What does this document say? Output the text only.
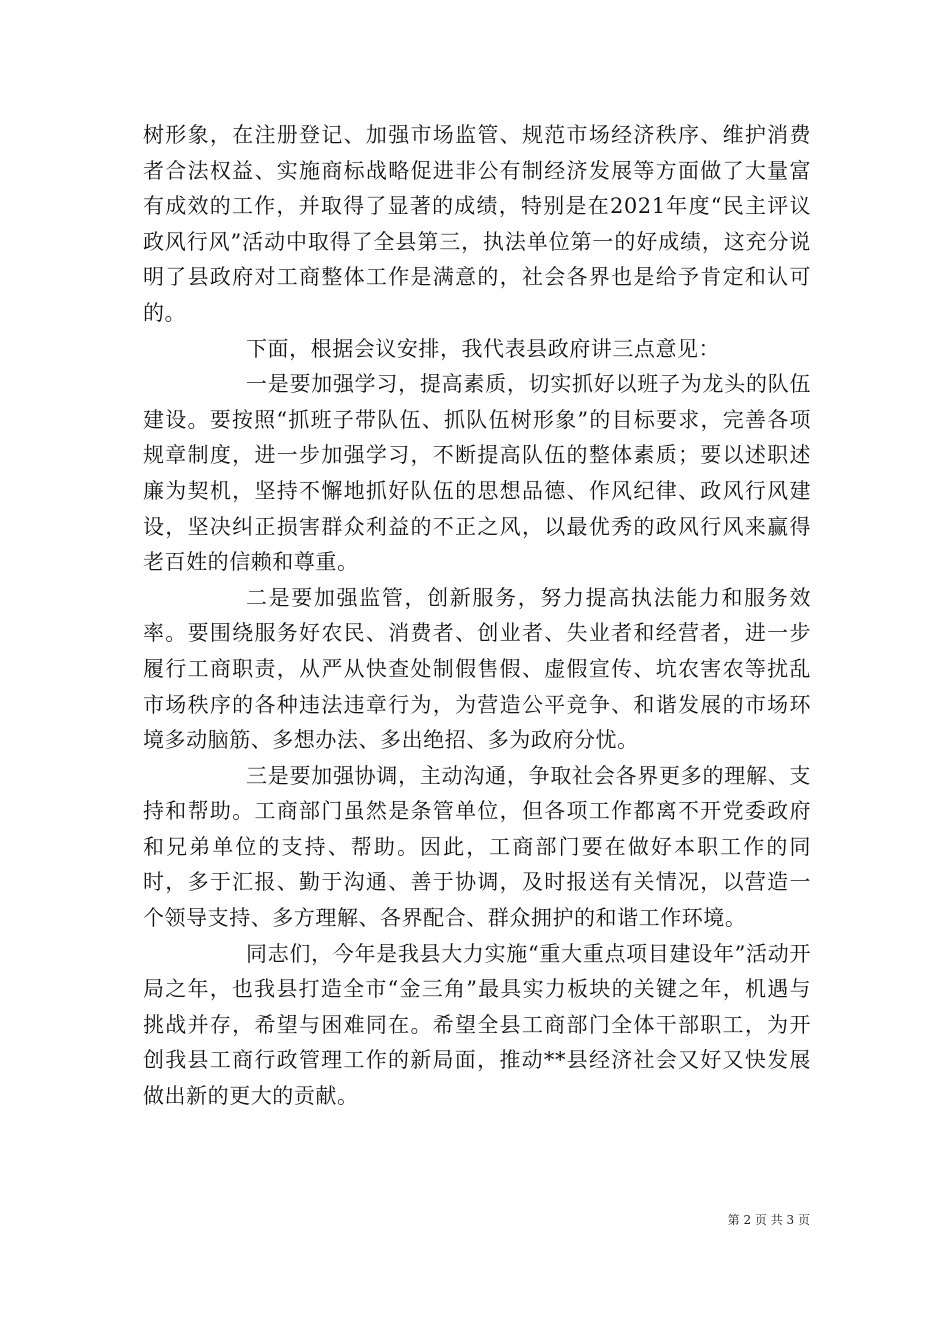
树形象，在注册登记、加强市场监管、规范市场经济秩序、维护消费者合法权益、实施商标战略促进非公有制经济发展等方面做了大量富有成效的工作，并取得了显著的成绩，特别是在2021年度“民主评议政风行风”活动中取得了全县第三，执法单位第一的好成绩，这充分说明了县政府对工商整体工作是满意的，社会各界也是给予肯定和认可的。

下面，根据会议安排，我代表县政府讲三点意见：

一是要加强学习，提高素质，切实抓好以班子为龙头的队伍建设。要按照“抓班子带队伍、抓队伍树形象”的目标要求，完善各项规章制度，进一步加强学习，不断提高队伍的整体素质；要以述职述廉为契机，坚持不懈地抓好队伍的思想品德、作风纪律、政风行风建设，坚决纠正损害群众利益的不正之风，以最优秀的政风行风来赢得老百姓的信赖和尊重。

二是要加强监管，创新服务，努力提高执法能力和服务效率。要围绕服务好农民、消费者、创业者、失业者和经营者，进一步履行工商职责，从严从快查处制假售假、虚假宣传、坑农害农等扰乱市场秩序的各种违法违章行为，为营造公平竞争、和谐发展的市场环境多动脑筋、多想办法、多出绝招、多为政府分忧。

三是要加强协调，主动沟通，争取社会各界更多的理解、支持和帮助。工商部门虽然是条管单位，但各项工作都离不开党委政府和兄弟单位的支持、帮助。因此，工商部门要在做好本职工作的同时，多于汇报、勤于沟通、善于协调，及时报送有关情况，以营造一个领导支持、多方理解、各界配合、群众拥护的和谐工作环境。

同志们，今年是我县大力实施“重大重点项目建设年”活动开局之年，也我县打造全市“金三角”最具实力板块的关键之年，机遇与挑战并存，希望与困难同在。希望全县工商部门全体干部职工，为开创我县工商行政管理工作的新局面，推动**县经济社会又好又快发展做出新的更大的贡献。

第 2 页 共 3 页
